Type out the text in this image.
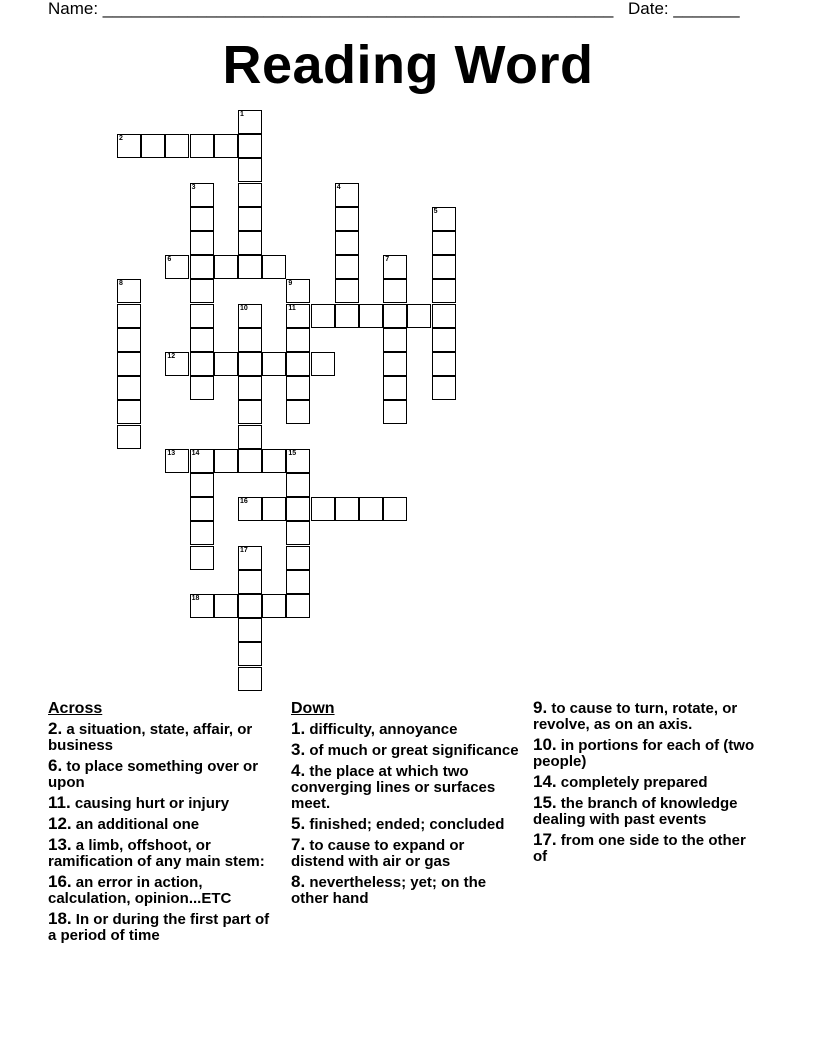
Name: ______________________________________________________ Date: _______
Reading Word
2
6
11
12
13 14	15
16
18
1
3	4
5
7
8	9
10
17
Across
2. a situation, state, affair, or business
6. to place something over or upon
11. causing hurt or injury
12. an additional one
13. a limb, offshoot, or ramification of any main stem:
16. an error in action, calculation, opinion...ETC
18. In or during the first part of a period of time
Down
1. difficulty, annoyance
3. of much or great significance
4. the place at which two converging lines or surfaces meet.
5. finished; ended; concluded
7. to cause to expand or distend with air or gas
8. nevertheless; yet; on the other hand
9. to cause to turn, rotate, or revolve, as on an axis.
10. in portions for each of (two people)
14. completely prepared
15. the branch of knowledge dealing with past events
17. from one side to the other of
